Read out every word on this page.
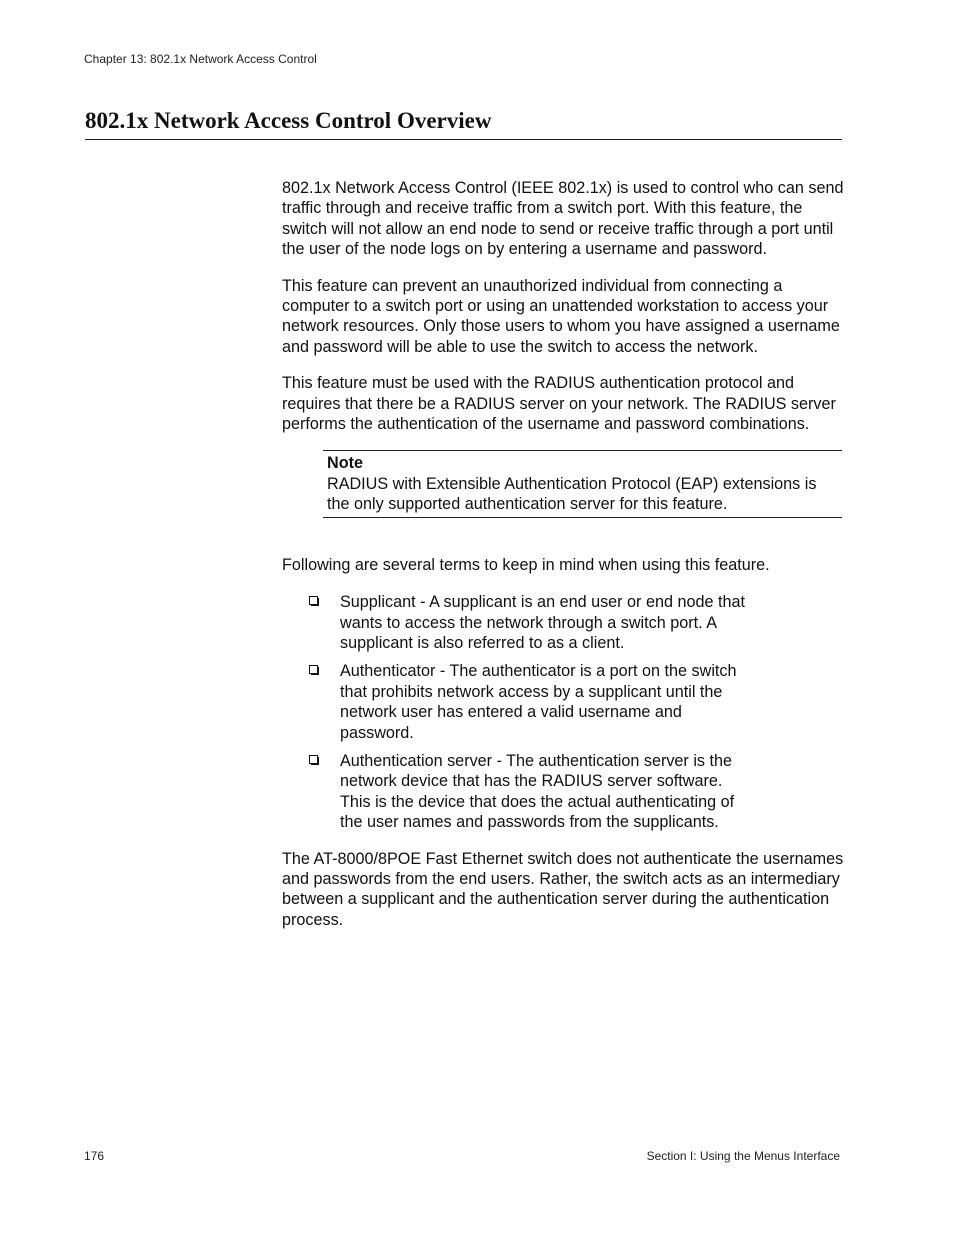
Chapter 13: 802.1x Network Access Control
802.1x Network Access Control Overview

802.1x Network Access Control (IEEE 802.1x) is used to control who can send traffic through and receive traffic from a switch port. With this feature, the switch will not allow an end node to send or receive traffic through a port until the user of the node logs on by entering a username and password.

This feature can prevent an unauthorized individual from connecting a computer to a switch port or using an unattended workstation to access your network resources. Only those users to whom you have assigned a username and password will be able to use the switch to access the network.

This feature must be used with the RADIUS authentication protocol and requires that there be a RADIUS server on your network. The RADIUS server performs the authentication of the username and password combinations.

Note

RADIUS with Extensible Authentication Protocol (EAP) extensions is the only supported authentication server for this feature.

Following are several terms to keep in mind when using this feature.

Supplicant - A supplicant is an end user or end node that wants to access the network through a switch port. A supplicant is also referred to as a client.
Authenticator - The authenticator is a port on the switch that prohibits network access by a supplicant until the network user has entered a valid username and password.
Authentication server - The authentication server is the network device that has the RADIUS server software. This is the device that does the actual authenticating of the user names and passwords from the supplicants.

The AT-8000/8POE Fast Ethernet switch does not authenticate the usernames and passwords from the end users. Rather, the switch acts as an intermediary between a supplicant and the authentication server during the authentication process.

176	Section I: Using the Menus Interface
